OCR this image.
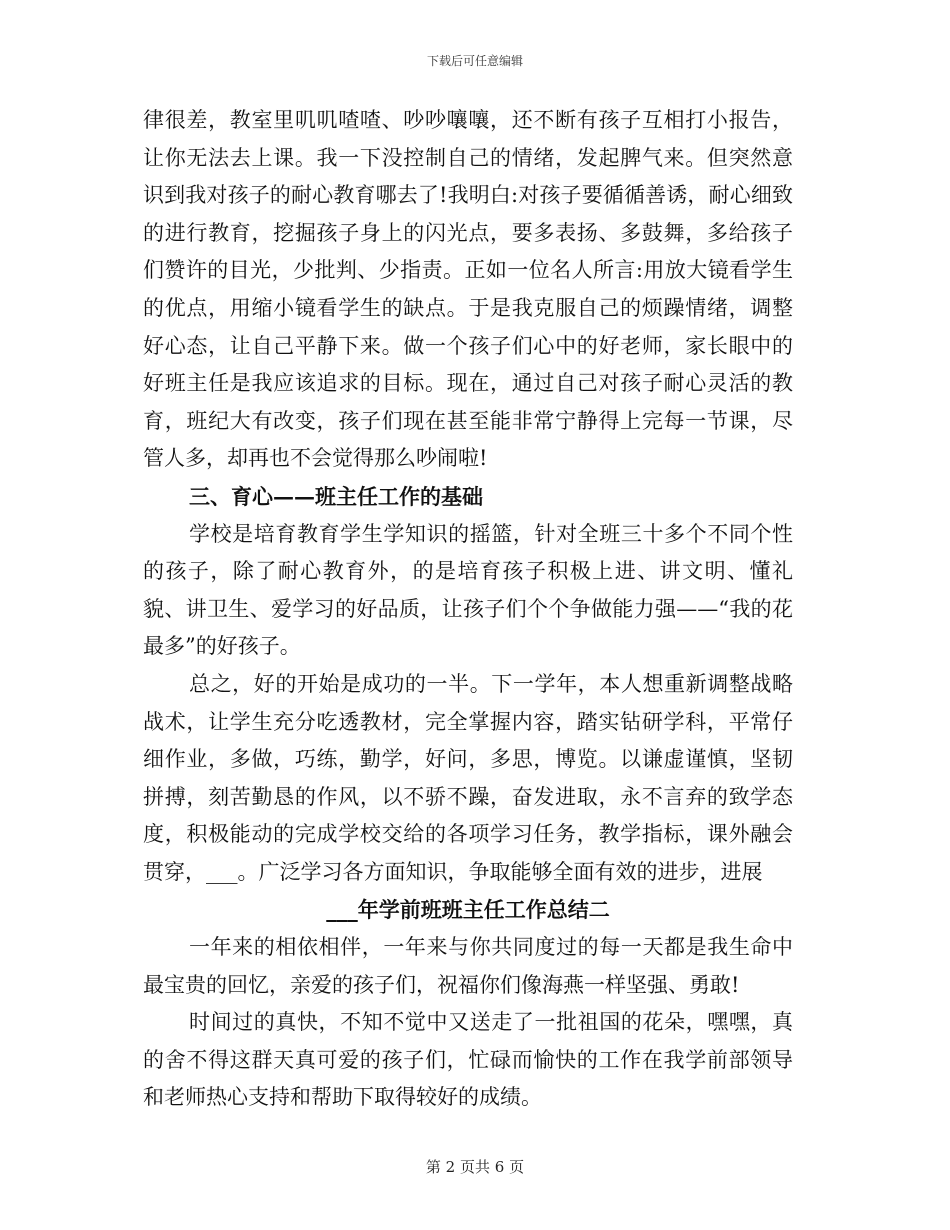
下载后可任意编辑

律很差，教室里叽叽喳喳、吵吵嚷嚷，还不断有孩子互相打小报告，让你无法去上课。我一下没控制自己的情绪，发起脾气来。但突然意识到我对孩子的耐心教育哪去了!我明白:对孩子要循循善诱，耐心细致的进行教育，挖掘孩子身上的闪光点，要多表扬、多鼓舞，多给孩子们赞许的目光，少批判、少指责。正如一位名人所言:用放大镜看学生的优点，用缩小镜看学生的缺点。于是我克服自己的烦躁情绪，调整好心态，让自己平静下来。做一个孩子们心中的好老师，家长眼中的好班主任是我应该追求的目标。现在，通过自己对孩子耐心灵活的教育，班纪大有改变，孩子们现在甚至能非常宁静得上完每一节课，尽管人多，却再也不会觉得那么吵闹啦!

三、育心——班主任工作的基础

学校是培育教育学生学知识的摇篮，针对全班三十多个不同个性的孩子，除了耐心教育外，的是培育孩子积极上进、讲文明、懂礼貌、讲卫生、爱学习的好品质，让孩子们个个争做能力强——“我的花最多”的好孩子。

总之，好的开始是成功的一半。下一学年，本人想重新调整战略战术，让学生充分吃透教材，完全掌握内容，踏实钻研学科，平常仔细作业，多做，巧练，勤学，好问，多思，博览。以谦虚谨慎，坚韧拼搏，刻苦勤恳的作风，以不骄不躁，奋发进取，永不言弃的致学态度，积极能动的完成学校交给的各项学习任务，教学指标，课外融会贯穿，___。广泛学习各方面知识，争取能够全面有效的进步，进展

___年学前班班主任工作总结二

一年来的相依相伴，一年来与你共同度过的每一天都是我生命中最宝贵的回忆，亲爱的孩子们，祝福你们像海燕一样坚强、勇敢!

时间过的真快，不知不觉中又送走了一批祖国的花朵，嘿嘿，真的舍不得这群天真可爱的孩子们，忙碌而愉快的工作在我学前部领导和老师热心支持和帮助下取得较好的成绩。

第 2 页共 6 页
